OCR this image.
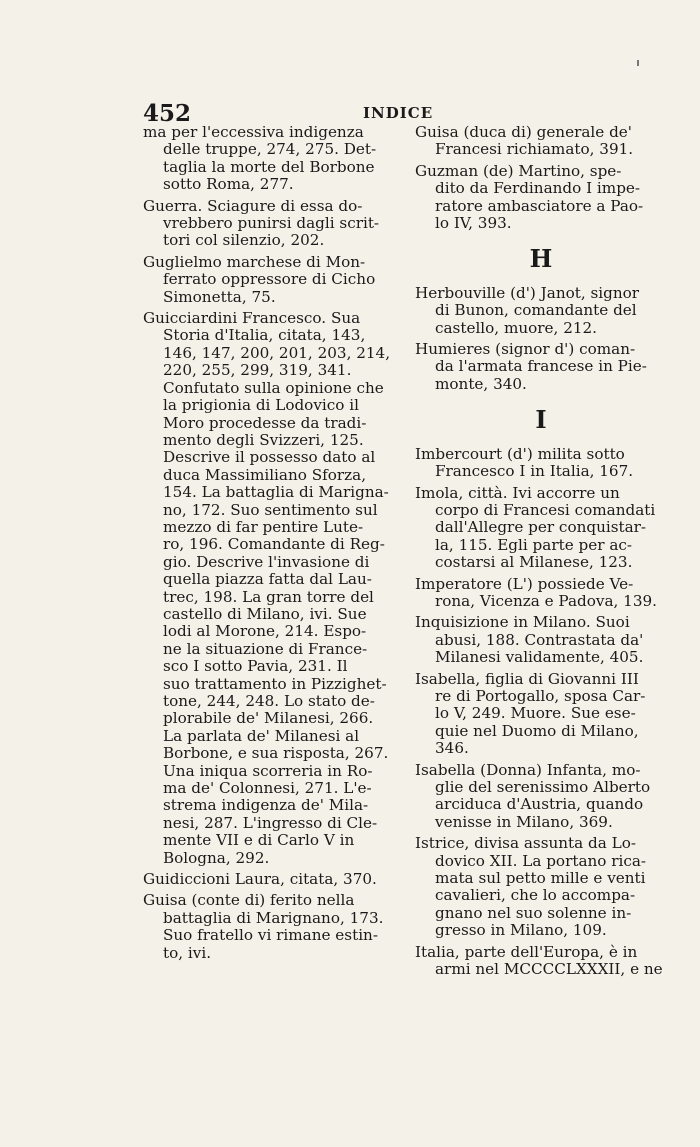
452	INDICE
ma per l'eccessiva indigenza
delle truppe, 274, 275. Det-
taglia la morte del Borbone
sotto Roma, 277.
Guerra. Sciagure di essa do-
vrebbero punirsi dagli scrit-
tori col silenzio, 202.
Guglielmo marchese di Mon-
ferrato oppressore di Cicho
Simonetta, 75.
Guicciardini Francesco. Sua
Storia d'Italia, citata, 143,
146, 147, 200, 201, 203, 214,
220, 255, 299, 319, 341.
Confutato sulla opinione che
la prigionia di Lodovico il
Moro procedesse da tradi-
mento degli Svizzeri, 125.
Descrive il possesso dato al
duca Massimiliano Sforza,
154. La battaglia di Marigna-
no, 172. Suo sentimento sul
mezzo di far pentire Lute-
ro, 196. Comandante di Reg-
gio. Descrive l'invasione di
quella piazza fatta dal Lau-
trec, 198. La gran torre del
castello di Milano, ivi. Sue
lodi al Morone, 214. Espo-
ne la situazione di France-
sco I sotto Pavia, 231. Il
suo trattamento in Pizzighet-
tone, 244, 248. Lo stato de-
plorabile de' Milanesi, 266.
La parlata de' Milanesi al
Borbone, e sua risposta, 267.
Una iniqua scorreria in Ro-
ma de' Colonnesi, 271. L'e-
strema indigenza de' Mila-
nesi, 287. L'ingresso di Cle-
mente VII e di Carlo V in
Bologna, 292.
Guidiccioni Laura, citata, 370.
Guisa (conte di) ferito nella
battaglia di Marignano, 173.
Suo fratello vi rimane estin-
to, ivi.
Guisa (duca di) generale de'
Francesi richiamato, 391.
Guzman (de) Martino, spe-
dito da Ferdinando I impe-
ratore ambasciatore a Pao-
lo IV, 393.
H
Herbouville (d') Janot, signor
di Bunon, comandante del
castello, muore, 212.
Humieres (signor d') coman-
da l'armata francese in Pie-
monte, 340.
I
Imbercourt (d') milita sotto
Francesco I in Italia, 167.
Imola, città. Ivi accorre un
corpo di Francesi comandati
dall'Allegre per conquistar-
la, 115. Egli parte per ac-
costarsi al Milanese, 123.
Imperatore (L') possiede Ve-
rona, Vicenza e Padova, 139.
Inquisizione in Milano. Suoi
abusi, 188. Contrastata da'
Milanesi validamente, 405.
Isabella, figlia di Giovanni III
re di Portogallo, sposa Car-
lo V, 249. Muore. Sue ese-
quie nel Duomo di Milano,
346.
Isabella (Donna) Infanta, mo-
glie del serenissimo Alberto
arciduca d'Austria, quando
venisse in Milano, 369.
Istrice, divisa assunta da Lo-
dovico XII. La portano rica-
mata sul petto mille e venti
cavalieri, che lo accompa-
gnano nel suo solenne in-
gresso in Milano, 109.
Italia, parte dell'Europa, è in
armi nel MCCCCLXXXII, e ne
